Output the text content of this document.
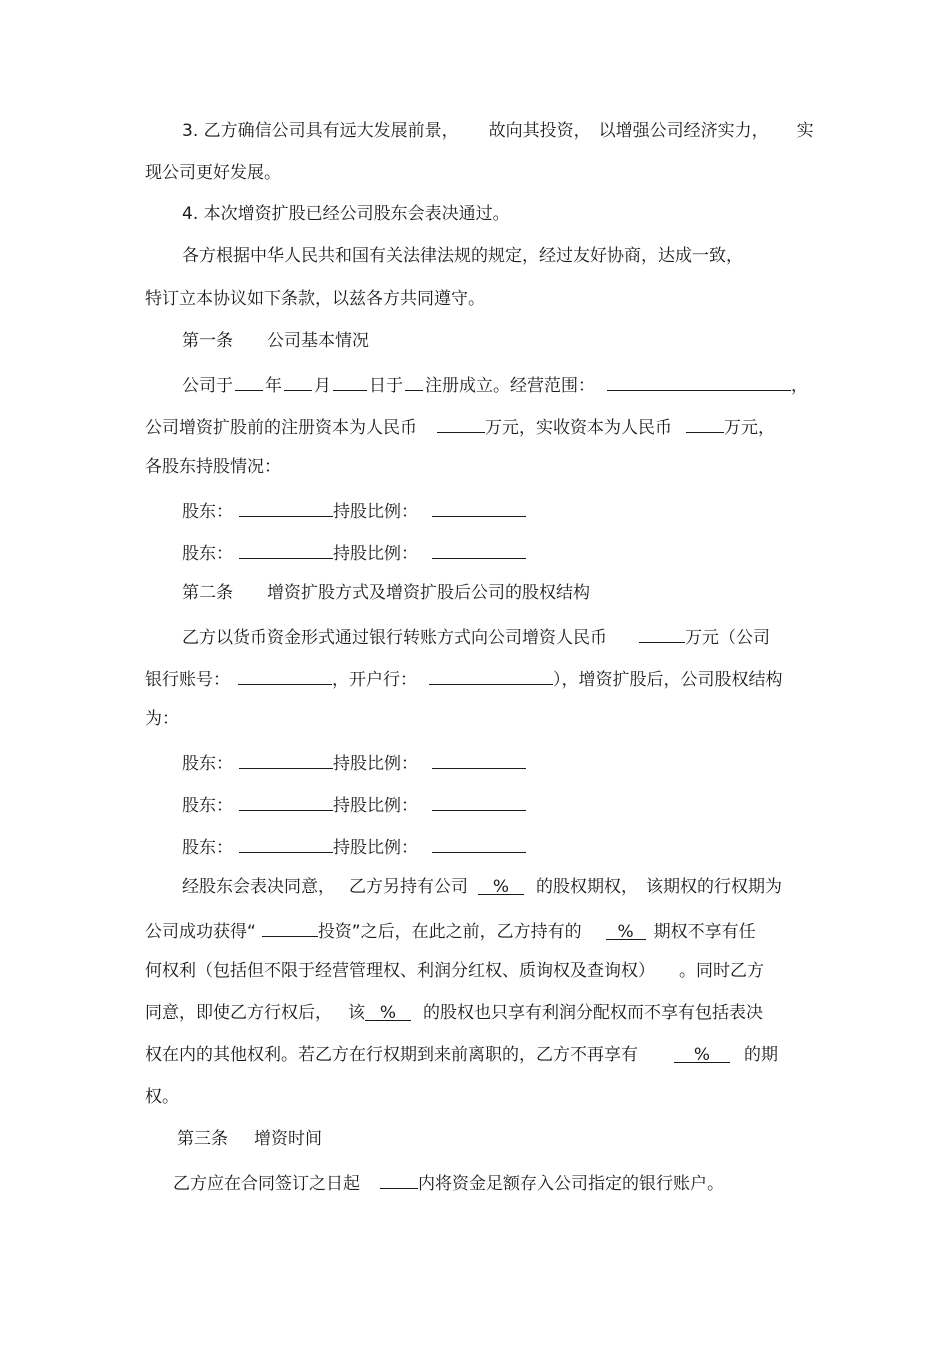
3. 乙方确信公司具有远大发展前景， 故向其投资， 以增强公司经济实力， 实
现公司更好发展。
4. 本次增资扩股已经公司股东会表决通过。
各方根据中华人民共和国有关法律法规的规定，经过友好协商，达成一致，
特订立本协议如下条款，以兹各方共同遵守。
第一条 公司基本情况
公司于 年 月 日于 注册成立。经营范围：	，
公司增资扩股前的注册资本为人民币	万元，实收资本为人民币	万元，
各股东持股情况：
股东：	持股比例：
股东：	持股比例：
第二条 增资扩股方式及增资扩股后公司的股权结构
乙方以货币资金形式通过银行转账方式向公司增资人民币	万元（公司
银行账号：	，开户行：	），增资扩股后，公司股权结构
为：
股东：	持股比例：
股东：	持股比例：
股东：	持股比例：
经股东会表决同意， 乙方另持有公司 % 的股权期权， 该期权的行权期为
公司成功获得“	投资”之后，在此之前，乙方持有的 % 期权不享有任
何权利（包括但不限于经营管理权、利润分红权、质询权及查询权） 。同时乙方
同意，即使乙方行权后， 该 % 的股权也只享有利润分配权而不享有包括表决
权在内的其他权利。若乙方在行权期到来前离职的，乙方不再享有	% 的期
权。
第三条 增资时间
乙方应在合同签订之日起	内将资金足额存入公司指定的银行账户。
